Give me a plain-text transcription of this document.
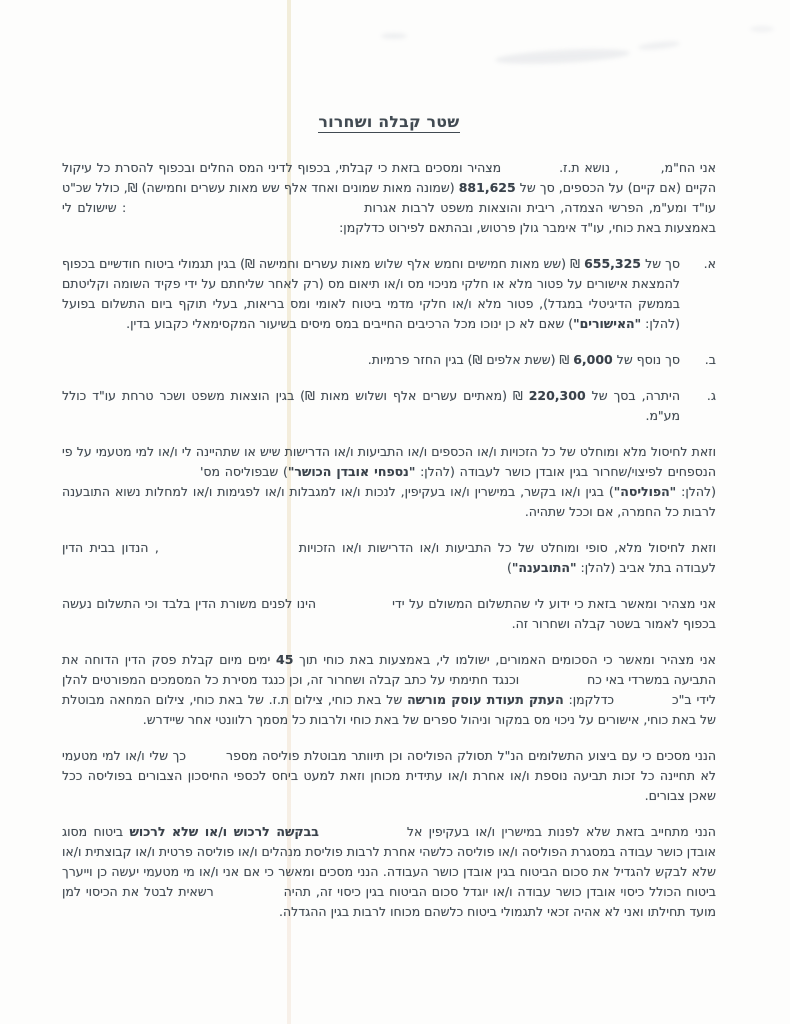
שטר קבלה ושחרור
אני הח"מ,, נושא ת.ז.מצהיר ומסכים בזאת כי קבלתי, בכפוף לדיני המס החלים ובכפוף להסרת כל עיקול הקיים (אם קיים) על הכספים, סך של 881,625 (שמונה מאות שמונים ואחד אלף שש מאות עשרים וחמישה) ₪, כולל שכ"ט עו"ד ומע"מ, הפרשי הצמדה, ריבית והוצאות משפט לרבות אגרות: שישולם לי באמצעות באת כוחי, עו"ד אימבר גולן פרטוש, ובהתאם לפירוט כדלקמן:
א.
סך של 655,325 ₪ (שש מאות חמישים וחמש אלף שלוש מאות עשרים וחמישה ₪) בגין תגמולי ביטוח חודשיים בכפוף להמצאת אישורים על פטור מלא או חלקי מניכוי מס ו/או תיאום מס (רק לאחר שליחתם על ידי פקיד השומה וקליטתם בממשק הדיגיטלי במגדל), פטור מלא ו/או חלקי מדמי ביטוח לאומי ומס בריאות, בעלי תוקף ביום התשלום בפועל (להלן: "האישורים") שאם לא כן ינוכו מכל הרכיבים החייבים במס מיסים בשיעור המקסימאלי כקבוע בדין.
ב.
סך נוסף של 6,000 ₪ (ששת אלפים ₪) בגין החזר פרמיות.
ג.
היתרה, בסך של 220,300 ₪ (מאתיים עשרים אלף ושלוש מאות ₪) בגין הוצאות משפט ושכר טרחת עו"ד כולל מע"מ.
וזאת לחיסול מלא ומוחלט של כל הזכויות ו/או הכספים ו/או התביעות ו/או הדרישות שיש או שתהיינה לי ו/או למי מטעמי על פי הנספחים לפיצוי/שחרור בגין אובדן כושר לעבודה (להלן: "נספחי אובדן הכושר") שבפוליסה מס'(להלן: "הפוליסה") בגין ו/או בקשר, במישרין ו/או בעקיפין, לנכות ו/או למגבלות ו/או לפגימות ו/או למחלות נשוא התובענה לרבות כל החמרה, אם וככל שתהיה.
וזאת לחיסול מלא, סופי ומוחלט של כל התביעות ו/או הדרישות ו/או הזכויות, הנדון בבית הדין לעבודה בתל אביב (להלן: "התובענה")
אני מצהיר ומאשר בזאת כי ידוע לי שהתשלום המשולם על ידיהינו לפנים משורת הדין בלבד וכי התשלום נעשה בכפוף לאמור בשטר קבלה ושחרור זה.
אני מצהיר ומאשר כי הסכומים האמורים, ישולמו לי, באמצעות באת כוחי תוך 45 ימים מיום קבלת פסק הדין הדוחה את התביעה במשרדי באי כחוכנגד חתימתי על כתב קבלה ושחרור זה, וכן כנגד מסירת כל המסמכים המפורטים להלן לידי ב"ככדלקמן: העתק תעודת עוסק מורשה של באת כוחי, צילום ת.ז. של באת כוחי, צילום המחאה מבוטלת של באת כוחי, אישורים על ניכוי מס במקור וניהול ספרים של באת כוחי ולרבות כל מסמך רלוונטי אחר שיידרש.
הנני מסכים כי עם ביצוע התשלומים הנ"ל תסולק הפוליסה וכן תיוותר מבוטלת פוליסה מספרכך שלי ו/או למי מטעמי לא תחיינה כל זכות תביעה נוספת ו/או אחרת ו/או עתידית מכוחן וזאת למעט ביחס לכספי החיסכון הצבורים בפוליסה ככל שאכן צבורים.
הנני מתחייב בזאת שלא לפנות במישרין ו/או בעקיפין אלבבקשה לרכוש ו/או שלא לרכוש ביטוח מסוג אובדן כושר עבודה במסגרת הפוליסה ו/או פוליסה כלשהי אחרת לרבות פוליסת מנהלים ו/או פוליסה פרטית ו/או קבוצתית ו/או שלא לבקש להגדיל את סכום הביטוח בגין אובדן כושר העבודה. הנני מסכים ומאשר כי אם אני ו/או מי מטעמי יעשה כן וייערך ביטוח הכולל כיסוי אובדן כושר עבודה ו/או יוגדל סכום הביטוח בגין כיסוי זה, תהיהרשאית לבטל את הכיסוי למן מועד תחילתו ואני לא אהיה זכאי לתגמולי ביטוח כלשהם מכוחו לרבות בגין ההגדלה.
